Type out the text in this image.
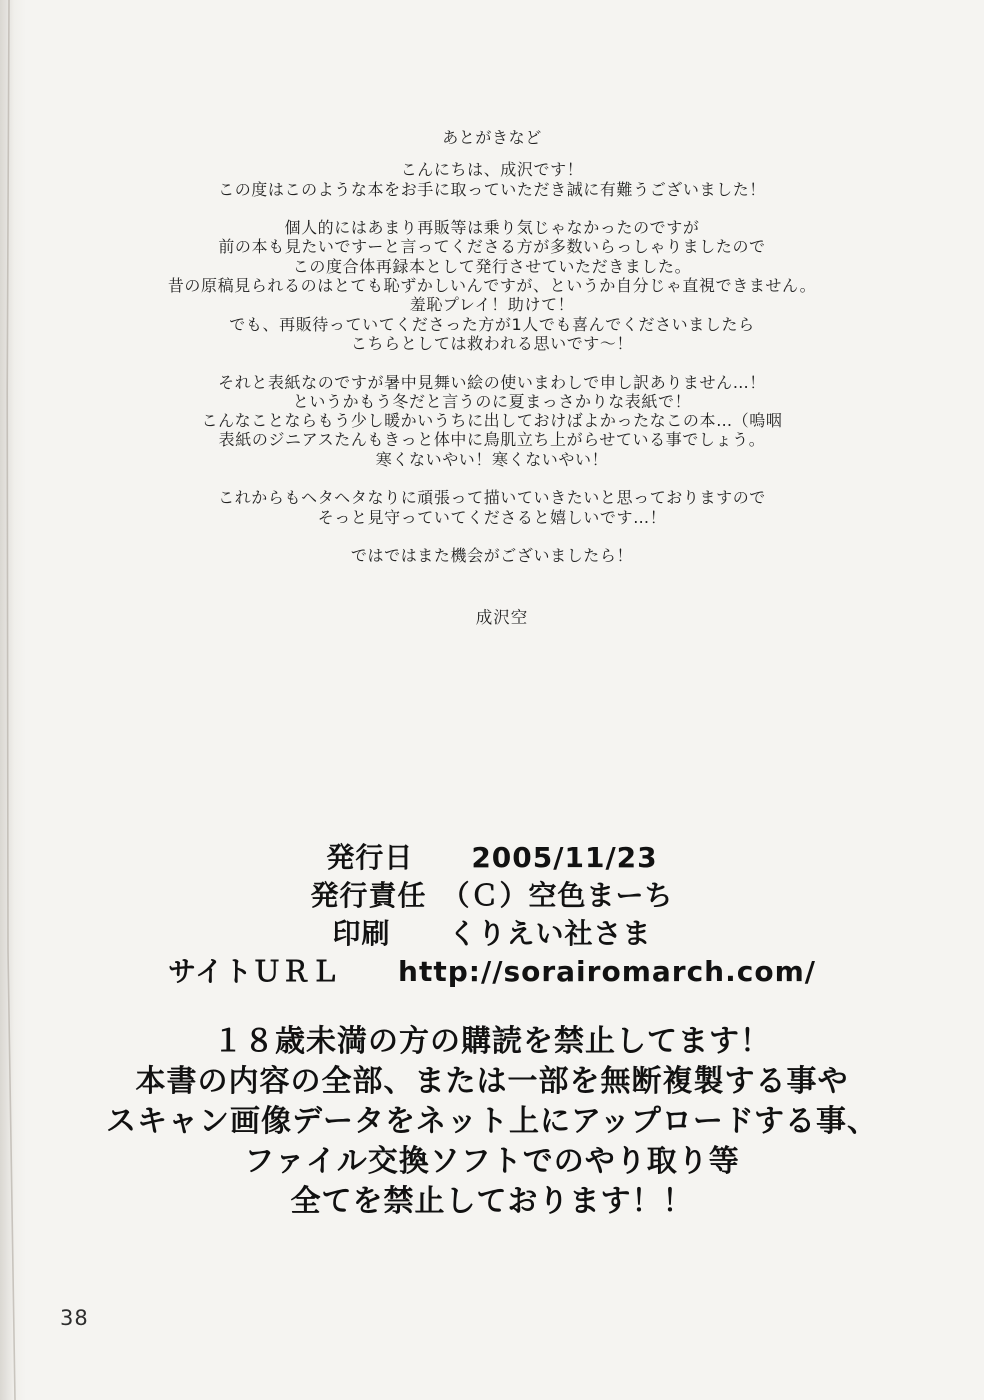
あとがきなど
こんにちは、成沢です！
この度はこのような本をお手に取っていただき誠に有難うございました！
個人的にはあまり再販等は乗り気じゃなかったのですが
前の本も見たいですーと言ってくださる方が多数いらっしゃりましたので
この度合体再録本として発行させていただきました。
昔の原稿見られるのはとても恥ずかしいんですが、というか自分じゃ直視できません。
羞恥プレイ！助けて！
でも、再販待っていてくださった方が1人でも喜んでくださいましたら
こちらとしては救われる思いです～！
それと表紙なのですが暑中見舞い絵の使いまわしで申し訳ありません…！
というかもう冬だと言うのに夏まっさかりな表紙で！
こんなことならもう少し暖かいうちに出しておけばよかったなこの本…（嗚咽
表紙のジニアスたんもきっと体中に鳥肌立ち上がらせている事でしょう。
寒くないやい！寒くないやい！
これからもヘタヘタなりに頑張って描いていきたいと思っておりますので
そっと見守っていてくださると嬉しいです…！
ではではまた機会がございましたら！
成沢空
発行日　　2005/11/23
発行責任　（Ｃ）空色まーち
印刷　　くりえい社さま
サイトＵＲＬ　　http://sorairomarch.com/
１８歳未満の方の購読を禁止してます！
本書の内容の全部、または一部を無断複製する事や
スキャン画像データをネット上にアップロードする事、
ファイル交換ソフトでのやり取り等
全てを禁止しております！！
38
